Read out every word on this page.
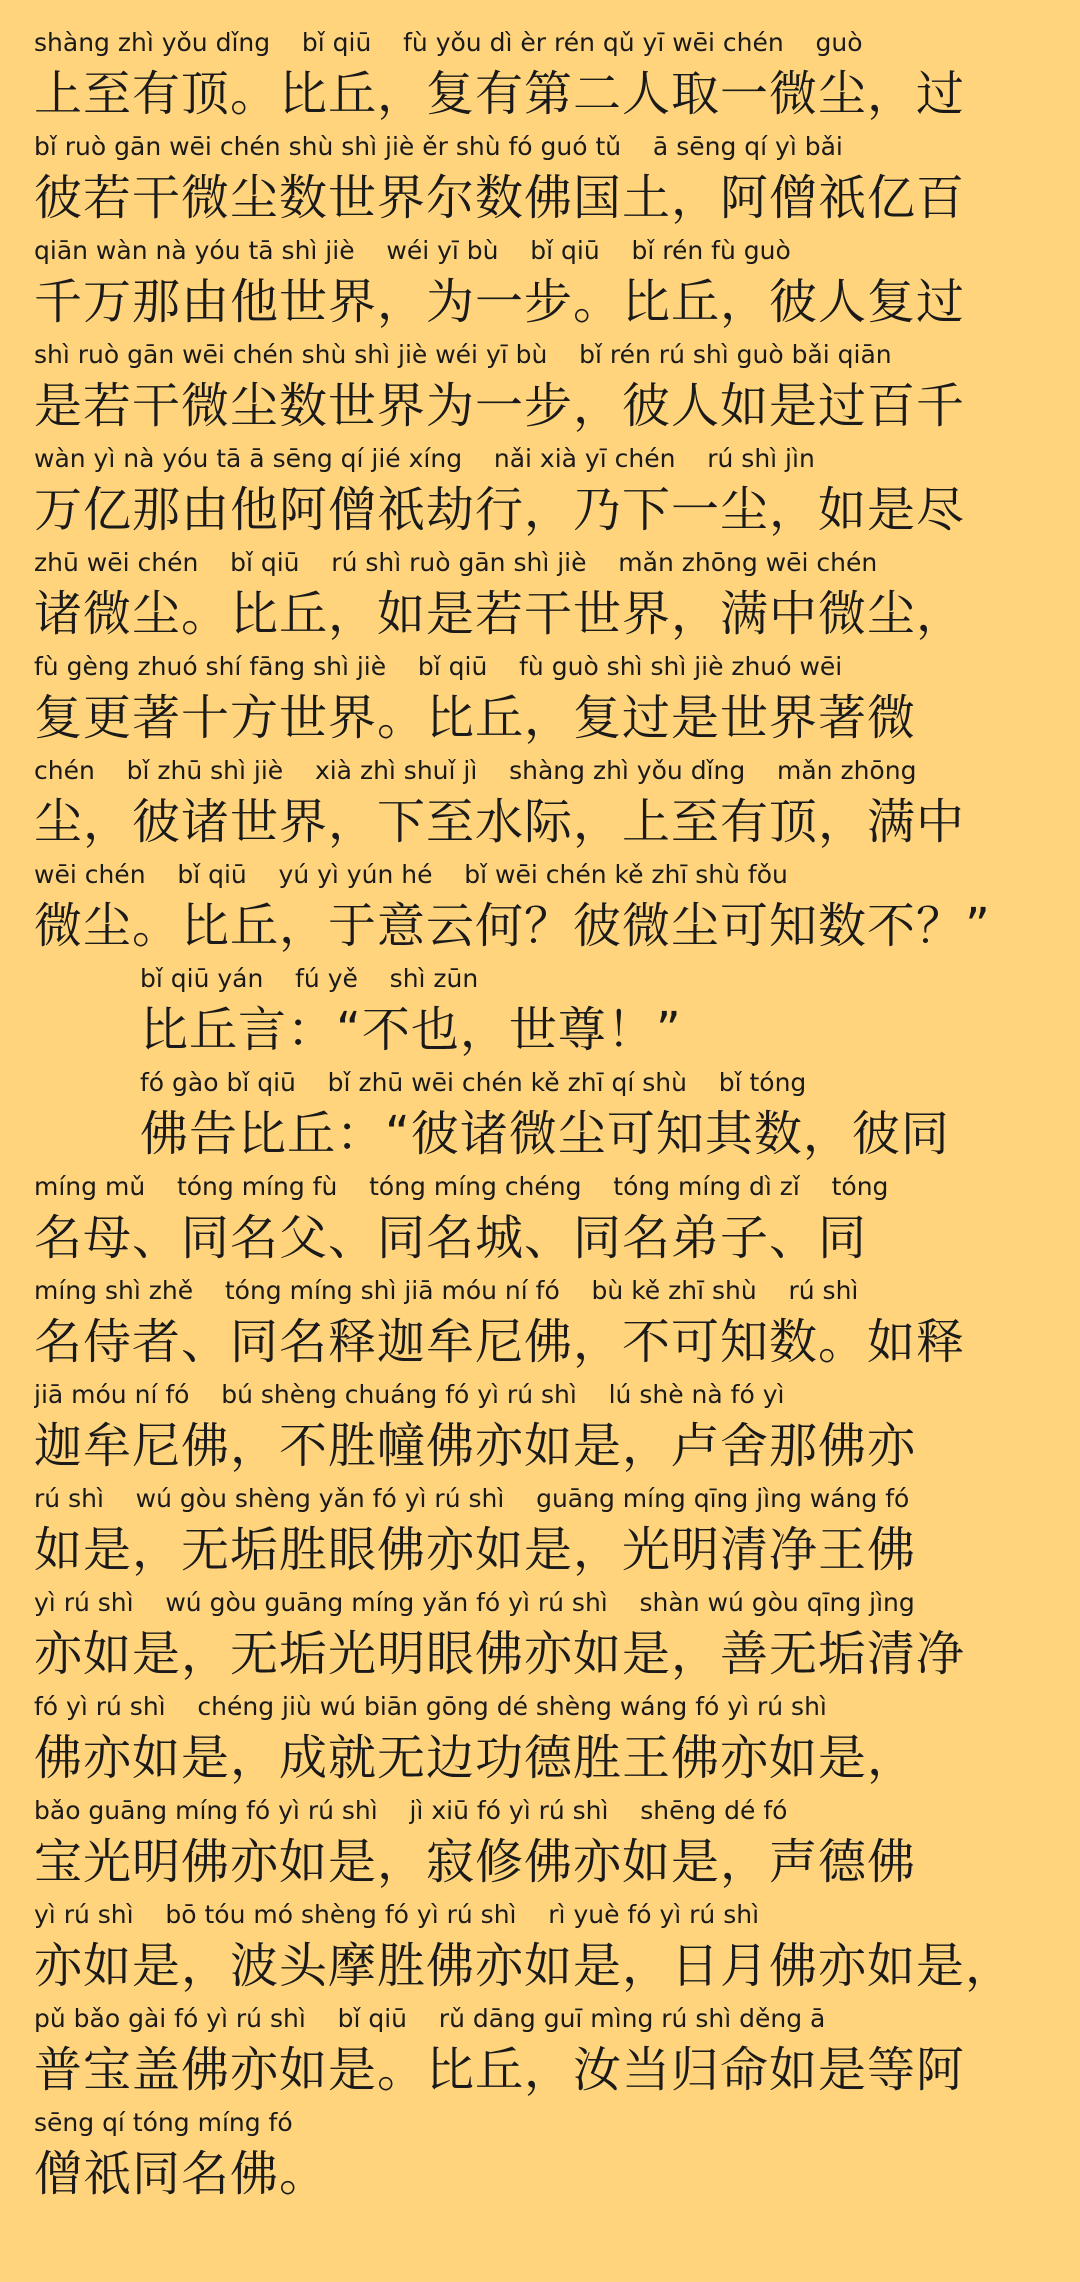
shàng zhì yǒu dǐng    bǐ qiū    fù yǒu dì èr rén qǔ yī wēi chén    guò
上至有顶。比丘，复有第二人取一微尘，过
bǐ ruò gān wēi chén shù shì jiè ěr shù fó guó tǔ    ā sēng qí yì bǎi
彼若干微尘数世界尔数佛国土，阿僧祇亿百
qiān wàn nà yóu tā shì jiè    wéi yī bù    bǐ qiū    bǐ rén fù guò
千万那由他世界，为一步。比丘，彼人复过
shì ruò gān wēi chén shù shì jiè wéi yī bù    bǐ rén rú shì guò bǎi qiān
是若干微尘数世界为一步，彼人如是过百千
wàn yì nà yóu tā ā sēng qí jié xíng    nǎi xià yī chén    rú shì jìn
万亿那由他阿僧祇劫行，乃下一尘，如是尽
zhū wēi chén    bǐ qiū    rú shì ruò gān shì jiè    mǎn zhōng wēi chén
诸微尘。比丘，如是若干世界，满中微尘，
fù gèng zhuó shí fāng shì jiè    bǐ qiū    fù guò shì shì jiè zhuó wēi
复更著十方世界。比丘，复过是世界著微
chén    bǐ zhū shì jiè    xià zhì shuǐ jì    shàng zhì yǒu dǐng    mǎn zhōng
尘，彼诸世界，下至水际，上至有顶，满中
wēi chén    bǐ qiū    yú yì yún hé    bǐ wēi chén kě zhī shù fǒu
微尘。比丘，于意云何？彼微尘可知数不？”
bǐ qiū yán    fú yě    shì zūn
比丘言：“不也，世尊！”
fó gào bǐ qiū    bǐ zhū wēi chén kě zhī qí shù    bǐ tóng
佛告比丘：“彼诸微尘可知其数，彼同
míng mǔ    tóng míng fù    tóng míng chéng    tóng míng dì zǐ    tóng
名母、同名父、同名城、同名弟子、同
míng shì zhě    tóng míng shì jiā móu ní fó    bù kě zhī shù    rú shì
名侍者、同名释迦牟尼佛，不可知数。如释
jiā móu ní fó    bú shèng chuáng fó yì rú shì    lú shè nà fó yì
迦牟尼佛，不胜幢佛亦如是，卢舍那佛亦
rú shì    wú gòu shèng yǎn fó yì rú shì    guāng míng qīng jìng wáng fó
如是，无垢胜眼佛亦如是，光明清净王佛
yì rú shì    wú gòu guāng míng yǎn fó yì rú shì    shàn wú gòu qīng jìng
亦如是，无垢光明眼佛亦如是，善无垢清净
fó yì rú shì    chéng jiù wú biān gōng dé shèng wáng fó yì rú shì
佛亦如是，成就无边功德胜王佛亦如是，
bǎo guāng míng fó yì rú shì    jì xiū fó yì rú shì    shēng dé fó
宝光明佛亦如是，寂修佛亦如是，声德佛
yì rú shì    bō tóu mó shèng fó yì rú shì    rì yuè fó yì rú shì
亦如是，波头摩胜佛亦如是，日月佛亦如是，
pǔ bǎo gài fó yì rú shì    bǐ qiū    rǔ dāng guī mìng rú shì děng ā
普宝盖佛亦如是。比丘，汝当归命如是等阿
sēng qí tóng míng fó
僧祇同名佛。
